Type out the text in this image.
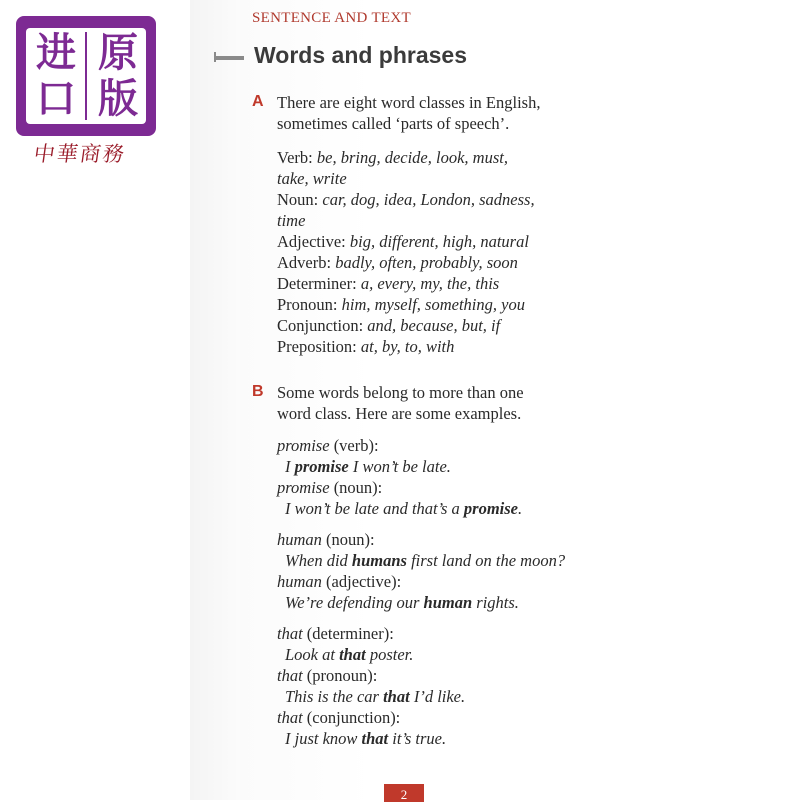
进 原
口 版
中華商務
SENTENCE AND TEXT
Words and phrases
A There are eight word classes in English,
sometimes called ‘parts of speech’.
Verb: be, bring, decide, look, must,
take, write
Noun: car, dog, idea, London, sadness,
time
Adjective: big, different, high, natural
Adverb: badly, often, probably, soon
Determiner: a, every, my, the, this
Pronoun: him, myself, something, you
Conjunction: and, because, but, if
Preposition: at, by, to, with
B Some words belong to more than one
word class. Here are some examples.
promise (verb):
I promise I won’t be late.
promise (noun):
I won’t be late and that’s a promise.
human (noun):
When did humans first land on the moon?
human (adjective):
We’re defending our human rights.
that (determiner):
Look at that poster.
that (pronoun):
This is the car that I’d like.
that (conjunction):
I just know that it’s true.
2
